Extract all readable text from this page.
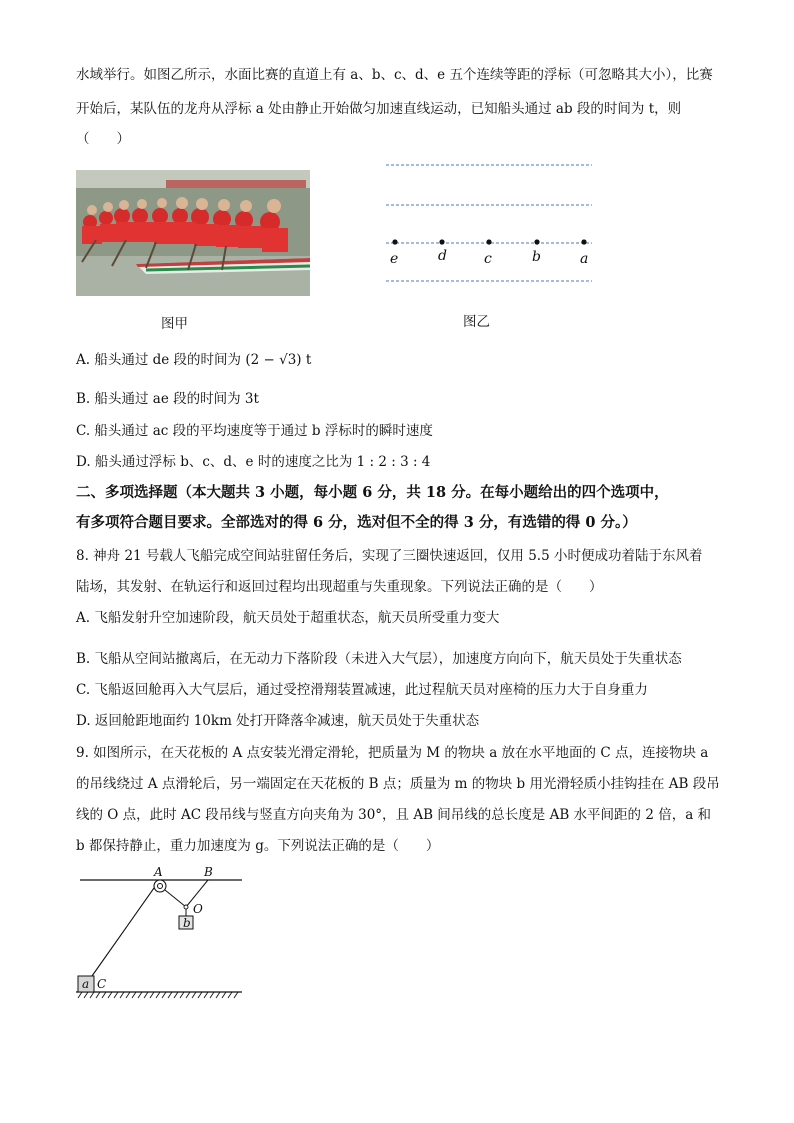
水域举行。如图乙所示，水面比赛的直道上有 a、b、c、d、e 五个连续等距的浮标（可忽略其大小），比赛
开始后，某队伍的龙舟从浮标 a 处由静止开始做匀加速直线运动，已知船头通过 ab 段的时间为 t，则
（　　）
图甲
e	d	c	b	a
图乙
A. 船头通过 de 段的时间为 (2 − √3) t
B. 船头通过 ae 段的时间为 3t
C. 船头通过 ac 段的平均速度等于通过 b 浮标时的瞬时速度
D. 船头通过浮标 b、c、d、e 时的速度之比为 1 : 2 : 3 : 4
二、多项选择题（本大题共 3 小题，每小题 6 分，共 18 分。在每小题给出的四个选项中，
有多项符合题目要求。全部选对的得 6 分，选对但不全的得 3 分，有选错的得 0 分。）
8. 神舟 21 号载人飞船完成空间站驻留任务后，实现了三圈快速返回，仅用 5.5 小时便成功着陆于东风着
陆场，其发射、在轨运行和返回过程均出现超重与失重现象。下列说法正确的是（　　）
A. 飞船发射升空加速阶段，航天员处于超重状态，航天员所受重力变大
B. 飞船从空间站撤离后，在无动力下落阶段（未进入大气层），加速度方向向下，航天员处于失重状态
C. 飞船返回舱再入大气层后，通过受控滑翔装置减速，此过程航天员对座椅的压力大于自身重力
D. 返回舱距地面约 10km 处打开降落伞减速，航天员处于失重状态
9. 如图所示，在天花板的 A 点安装光滑定滑轮，把质量为 M 的物块 a 放在水平地面的 C 点，连接物块 a
的吊线绕过 A 点滑轮后，另一端固定在天花板的 B 点；质量为 m 的物块 b 用光滑轻质小挂钩挂在 AB 段吊
线的 O 点，此时 AC 段吊线与竖直方向夹角为 30°，且 AB 间吊线的总长度是 AB 水平间距的 2 倍，a 和
b 都保持静止，重力加速度为 g。下列说法正确的是（　　）
A	B
O
b
a C
